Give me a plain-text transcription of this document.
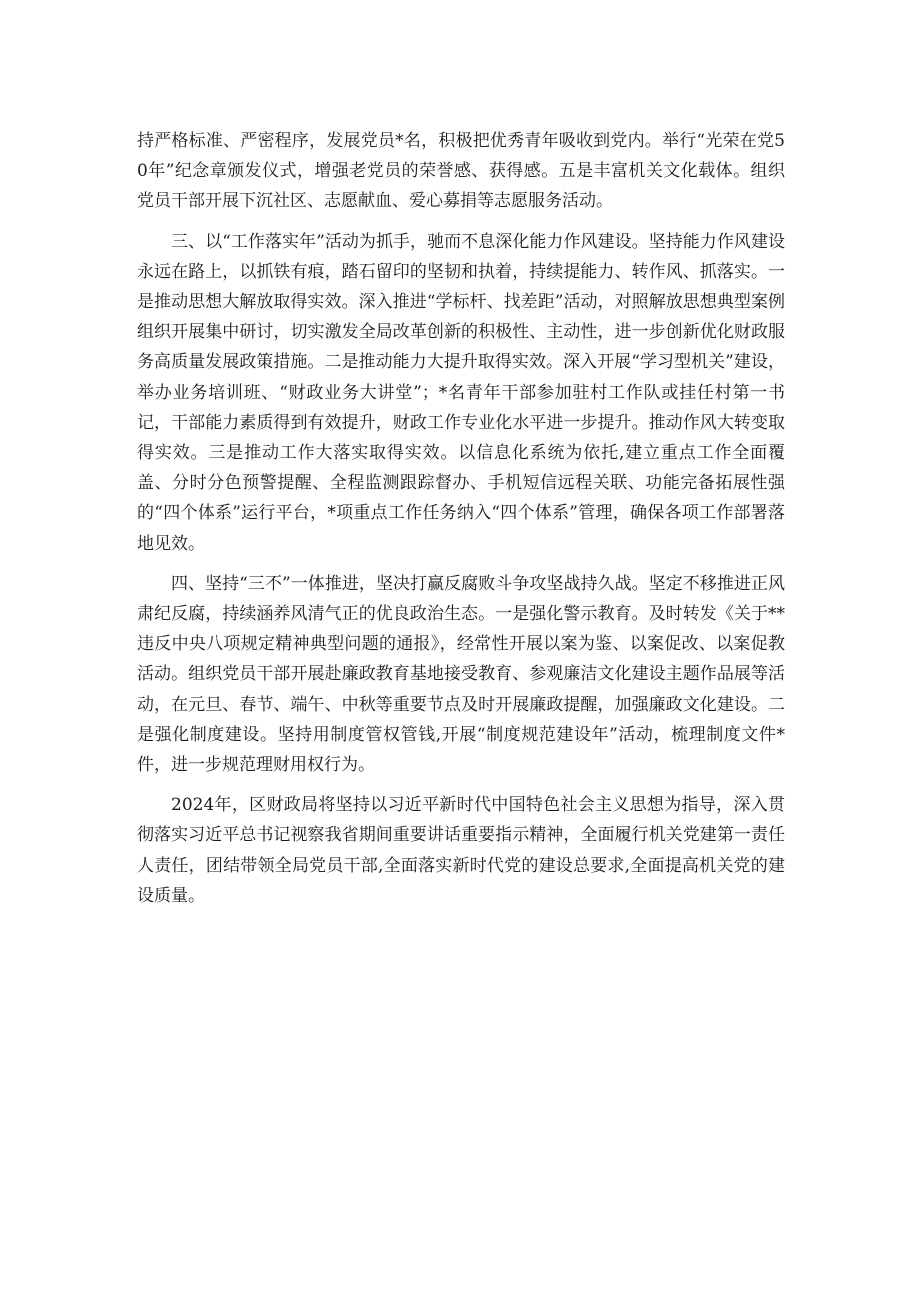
持严格标准、严密程序，发展党员*名，积极把优秀青年吸收到党内。举行“光荣在党50年”纪念章颁发仪式，增强老党员的荣誉感、获得感。五是丰富机关文化载体。组织党员干部开展下沉社区、志愿献血、爱心募捐等志愿服务活动。

三、以“工作落实年”活动为抓手，驰而不息深化能力作风建设。坚持能力作风建设永远在路上，以抓铁有痕，踏石留印的坚韧和执着，持续提能力、转作风、抓落实。一是推动思想大解放取得实效。深入推进“学标杆、找差距”活动，对照解放思想典型案例组织开展集中研讨，切实激发全局改革创新的积极性、主动性，进一步创新优化财政服务高质量发展政策措施。二是推动能力大提升取得实效。深入开展“学习型机关”建设，举办业务培训班、“财政业务大讲堂”；*名青年干部参加驻村工作队或挂任村第一书记，干部能力素质得到有效提升，财政工作专业化水平进一步提升。推动作风大转变取得实效。三是推动工作大落实取得实效。以信息化系统为依托,建立重点工作全面覆盖、分时分色预警提醒、全程监测跟踪督办、手机短信远程关联、功能完备拓展性强的“四个体系”运行平台，*项重点工作任务纳入“四个体系”管理，确保各项工作部署落地见效。

四、坚持“三不”一体推进，坚决打赢反腐败斗争攻坚战持久战。坚定不移推进正风肃纪反腐，持续涵养风清气正的优良政治生态。一是强化警示教育。及时转发《关于**违反中央八项规定精神典型问题的通报》，经常性开展以案为鉴、以案促改、以案促教活动。组织党员干部开展赴廉政教育基地接受教育、参观廉洁文化建设主题作品展等活动，在元旦、春节、端午、中秋等重要节点及时开展廉政提醒，加强廉政文化建设。二是强化制度建设。坚持用制度管权管钱,开展“制度规范建设年”活动，梳理制度文件*件，进一步规范理财用权行为。

2024年，区财政局将坚持以习近平新时代中国特色社会主义思想为指导，深入贯彻落实习近平总书记视察我省期间重要讲话重要指示精神，全面履行机关党建第一责任人责任，团结带领全局党员干部,全面落实新时代党的建设总要求,全面提高机关党的建设质量。
